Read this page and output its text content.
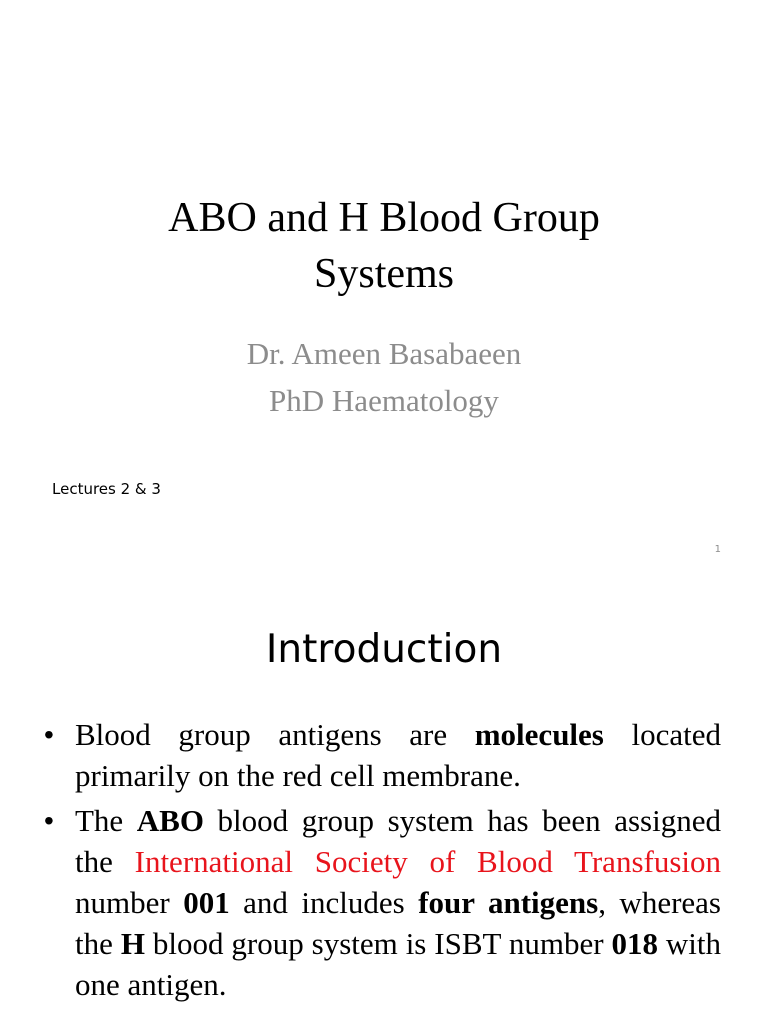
ABO and H Blood Group
Systems
Dr. Ameen Basabaeen
PhD Haematology
Lectures 2 & 3
1
Introduction
• Blood group antigens are molecules located primarily on the red cell membrane.
• The ABO blood group system has been assigned the International Society of Blood Transfusion number 001 and includes four antigens, whereas the H blood group system is ISBT number 018 with one antigen.
